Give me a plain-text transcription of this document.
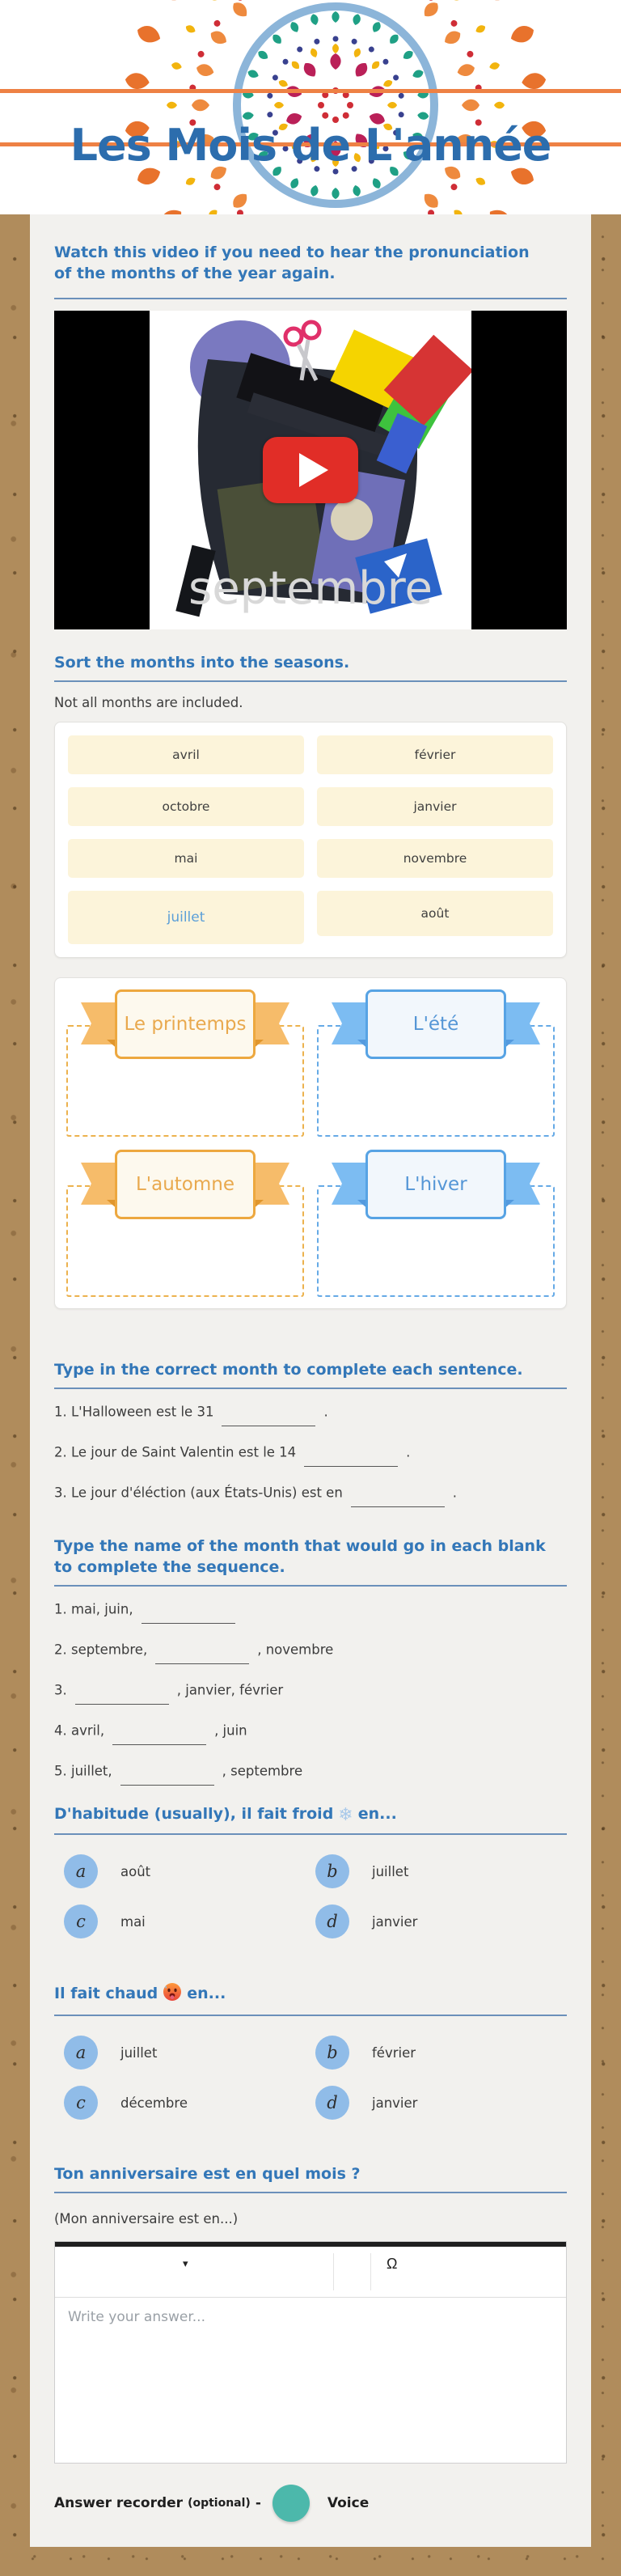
Les Mois de L'année
Watch this video if you need to hear the pronunciation of the months of the year again.
septembre
Sort the months into the seasons.
Not all months are included.
avril	février
octobre	janvier
mai	novembre
juillet	août
Le printemps	L'été
L'automne	L'hiver
Type in the correct month to complete each sentence.
1. L'Halloween est le 31	.
2. Le jour de Saint Valentin est le 14	.
3. Le jour d'éléction (aux États-Unis) est en	.
Type the name of the month that would go in each blank to complete the sequence.
1. mai, juin,
2. septembre,	, novembre
3.	, janvier, février
4. avril,	, juin
5. juillet,	, septembre
D'habitude (usually), il fait froid ❄ en...
a	août	b	juillet
c	mai	d	janvier
Il fait chaud en...
a	juillet	b	février
c	décembre	d	janvier
Ton anniversaire est en quel mois ?
(Mon anniversaire est en...)
▾	Ω
Write your answer...
Answer recorder (optional) -	Voice
